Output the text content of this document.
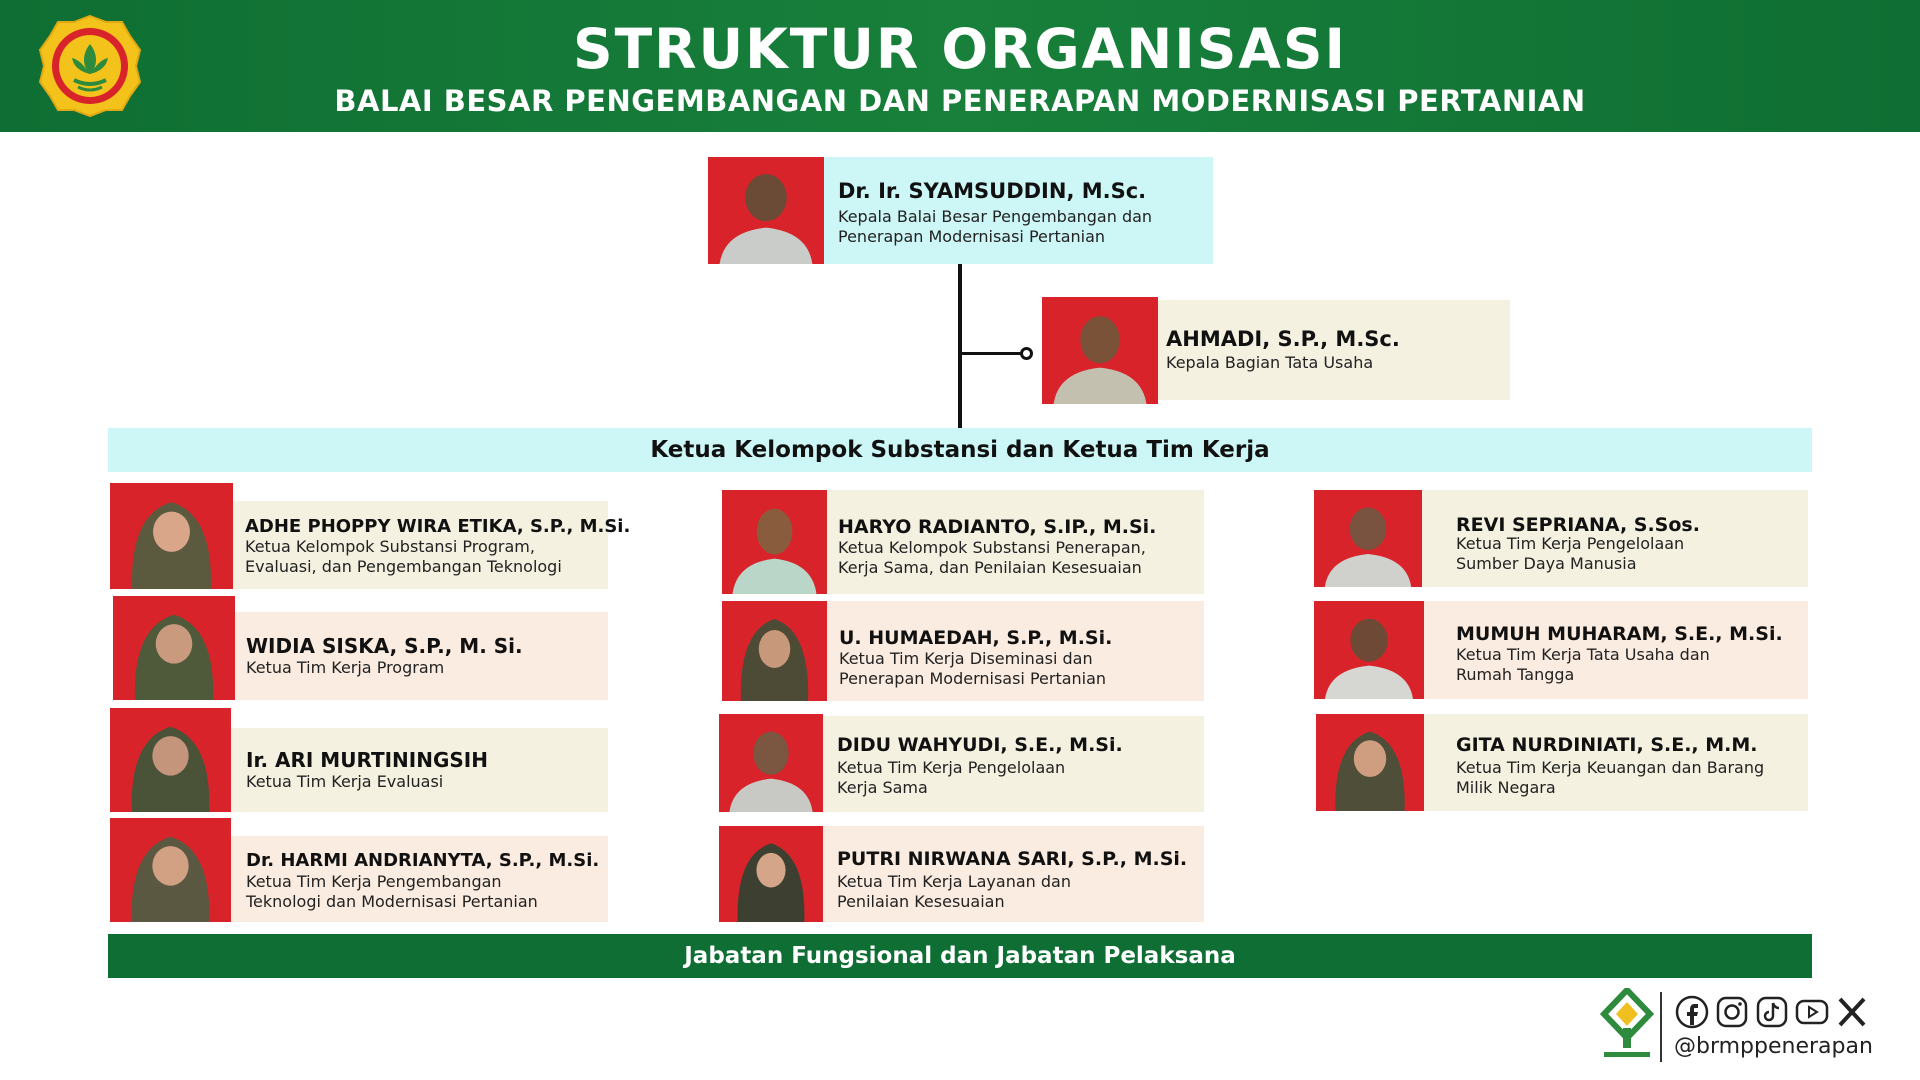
STRUKTUR ORGANISASI
BALAI BESAR PENGEMBANGAN DAN PENERAPAN MODERNISASI PERTANIAN
Dr. Ir. SYAMSUDDIN, M.Sc.
Kepala Balai Besar Pengembangan dan
Penerapan Modernisasi Pertanian
AHMADI, S.P., M.Sc.
Kepala Bagian Tata Usaha
Ketua Kelompok Substansi dan Ketua Tim Kerja
ADHE PHOPPY WIRA ETIKA, S.P., M.Si.
Ketua Kelompok Substansi Program,
Evaluasi, dan Pengembangan Teknologi
WIDIA SISKA, S.P., M. Si.
Ketua Tim Kerja Program
Ir. ARI MURTININGSIH
Ketua Tim Kerja Evaluasi
Dr. HARMI ANDRIANYTA, S.P., M.Si.
Ketua Tim Kerja Pengembangan
Teknologi dan Modernisasi Pertanian
HARYO RADIANTO, S.IP., M.Si.
Ketua Kelompok Substansi Penerapan,
Kerja Sama, dan Penilaian Kesesuaian
U. HUMAEDAH, S.P., M.Si.
Ketua Tim Kerja Diseminasi dan
Penerapan Modernisasi Pertanian
DIDU WAHYUDI, S.E., M.Si.
Ketua Tim Kerja Pengelolaan
Kerja Sama
PUTRI NIRWANA SARI, S.P., M.Si.
Ketua Tim Kerja Layanan dan
Penilaian Kesesuaian
REVI SEPRIANA, S.Sos.
Ketua Tim Kerja Pengelolaan
Sumber Daya Manusia
MUMUH MUHARAM, S.E., M.Si.
Ketua Tim Kerja Tata Usaha dan
Rumah Tangga
GITA NURDINIATI, S.E., M.M.
Ketua Tim Kerja Keuangan dan Barang
Milik Negara
Jabatan Fungsional dan Jabatan Pelaksana
@brmppenerapan
